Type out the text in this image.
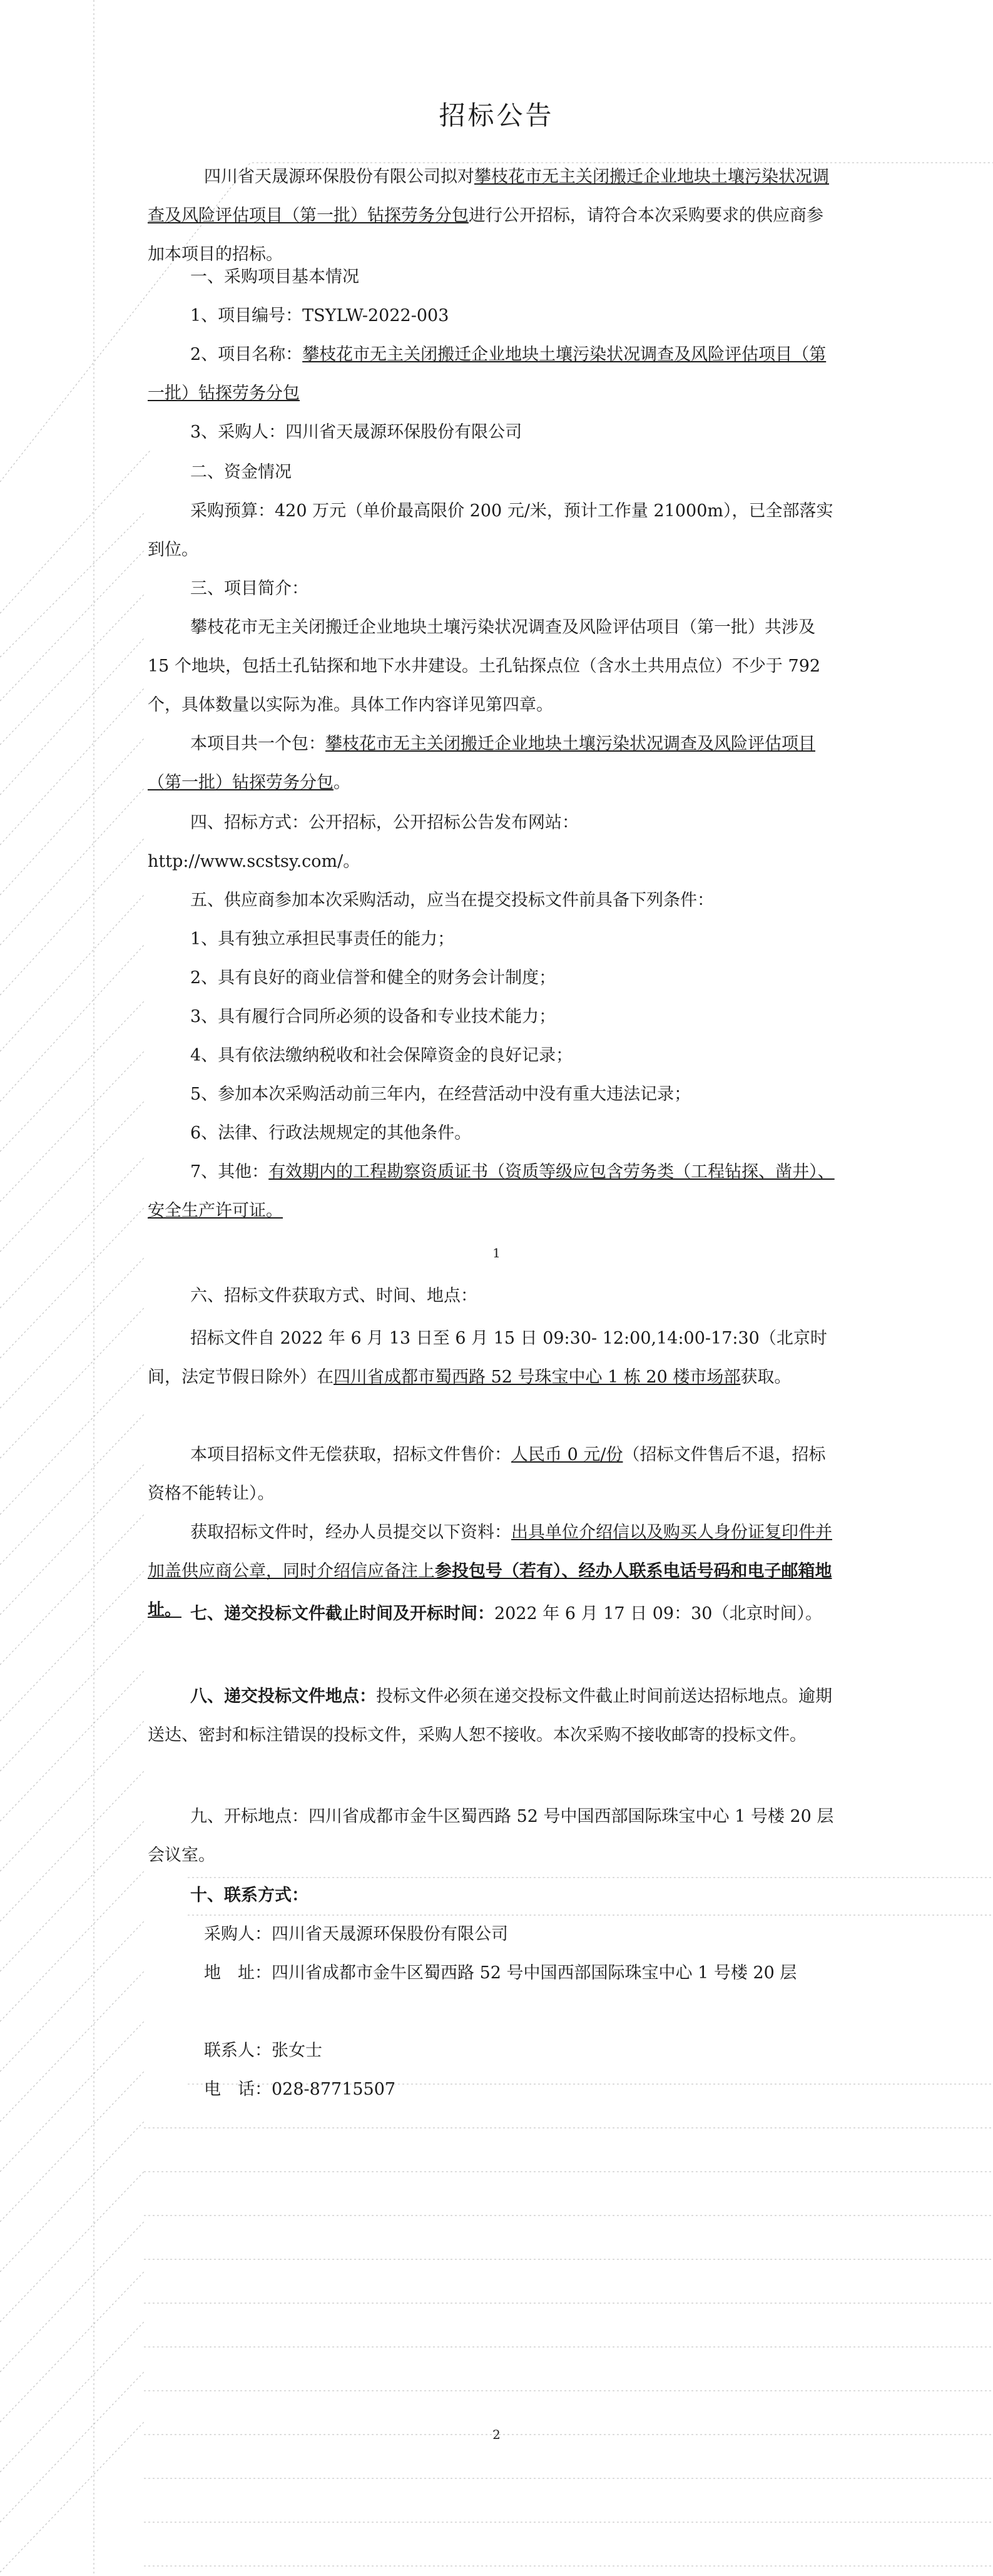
招标公告

四川省天晟源环保股份有限公司拟对攀枝花市无主关闭搬迁企业地块土壤污染状况调查及风险评估项目（第一批）钻探劳务分包进行公开招标，请符合本次采购要求的供应商参加本项目的招标。

一、采购项目基本情况

1、项目编号：TSYLW-2022-003

2、项目名称：攀枝花市无主关闭搬迁企业地块土壤污染状况调查及风险评估项目（第一批）钻探劳务分包

3、采购人：四川省天晟源环保股份有限公司

二、资金情况

采购预算：420 万元（单价最高限价 200 元/米，预计工作量 21000m），已全部落实到位。

三、项目简介：

攀枝花市无主关闭搬迁企业地块土壤污染状况调查及风险评估项目（第一批）共涉及 15 个地块，包括土孔钻探和地下水井建设。土孔钻探点位（含水土共用点位）不少于 792 个，具体数量以实际为准。具体工作内容详见第四章。

本项目共一个包：攀枝花市无主关闭搬迁企业地块土壤污染状况调查及风险评估项目（第一批）钻探劳务分包。

四、招标方式：公开招标，公开招标公告发布网站：

http://www.scstsy.com/。

五、供应商参加本次采购活动，应当在提交投标文件前具备下列条件：

1、具有独立承担民事责任的能力；

2、具有良好的商业信誉和健全的财务会计制度；

3、具有履行合同所必须的设备和专业技术能力；

4、具有依法缴纳税收和社会保障资金的良好记录；

5、参加本次采购活动前三年内，在经营活动中没有重大违法记录；

6、法律、行政法规规定的其他条件。

7、其他：有效期内的工程勘察资质证书（资质等级应包含劳务类（工程钻探、凿井）、安全生产许可证。

1

六、招标文件获取方式、时间、地点：

招标文件自 2022 年 6 月 13 日至 6 月 15 日 09:30- 12:00,14:00-17:30（北京时间，法定节假日除外）在四川省成都市蜀西路 52 号珠宝中心 1 栋 20 楼市场部获取。

本项目招标文件无偿获取，招标文件售价：人民币 0 元/份（招标文件售后不退，招标资格不能转让）。

获取招标文件时，经办人员提交以下资料：出具单位介绍信以及购买人身份证复印件并加盖供应商公章，同时介绍信应备注上参投包号（若有）、经办人联系电话号码和电子邮箱地址。 七、递交投标文件截止时间及开标时间：2022 年 6 月 17 日 09：30（北京时间）。

八、递交投标文件地点：投标文件必须在递交投标文件截止时间前送达招标地点。逾期送达、密封和标注错误的投标文件，采购人恕不接收。本次采购不接收邮寄的投标文件。

九、开标地点：四川省成都市金牛区蜀西路 52 号中国西部国际珠宝中心 1 号楼 20 层会议室。

十、联系方式：

采购人：四川省天晟源环保股份有限公司

地　址：四川省成都市金牛区蜀西路 52 号中国西部国际珠宝中心 1 号楼 20 层

联系人：张女士

电　话：028-87715507

2
